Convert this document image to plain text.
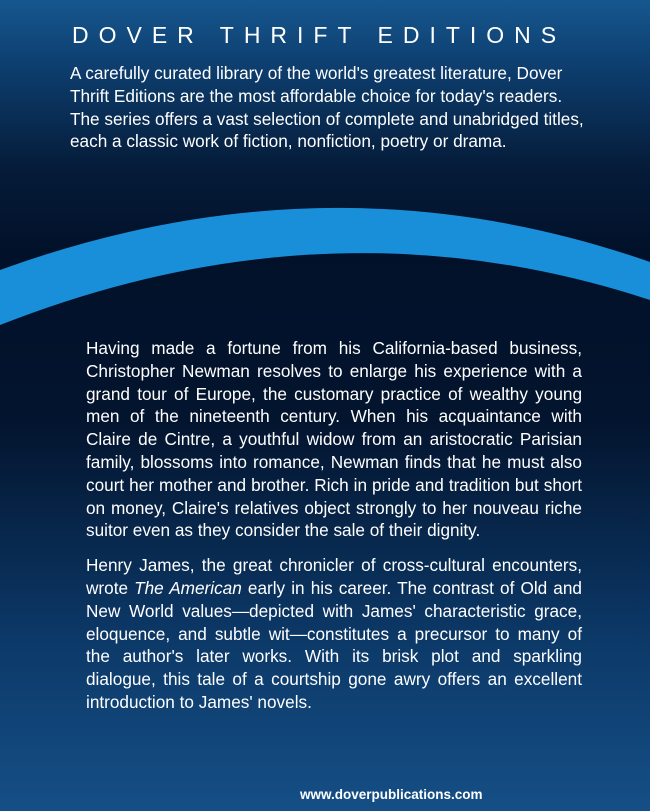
DOVER THRIFT EDITIONS

A carefully curated library of the world's greatest literature, Dover Thrift Editions are the most affordable choice for today's readers. The series offers a vast selection of complete and unabridged titles, each a classic work of fiction, nonfiction, poetry or drama.

Having made a fortune from his California-based business, Christopher Newman resolves to enlarge his experience with a grand tour of Europe, the customary practice of wealthy young men of the nineteenth century. When his acquaintance with Claire de Cintre, a youthful widow from an aristocratic Parisian family, blossoms into romance, Newman finds that he must also court her mother and brother. Rich in pride and tradition but short on money, Claire's relatives object strongly to her nouveau riche suitor even as they consider the sale of their dignity.

Henry James, the great chronicler of cross-cultural encounters, wrote The American early in his career. The contrast of Old and New World values—depicted with James' characteristic grace, eloquence, and subtle wit—constitutes a precursor to many of the author's later works. With its brisk plot and sparkling dialogue, this tale of a courtship gone awry offers an excellent introduction to James' novels.

www.doverpublications.com
